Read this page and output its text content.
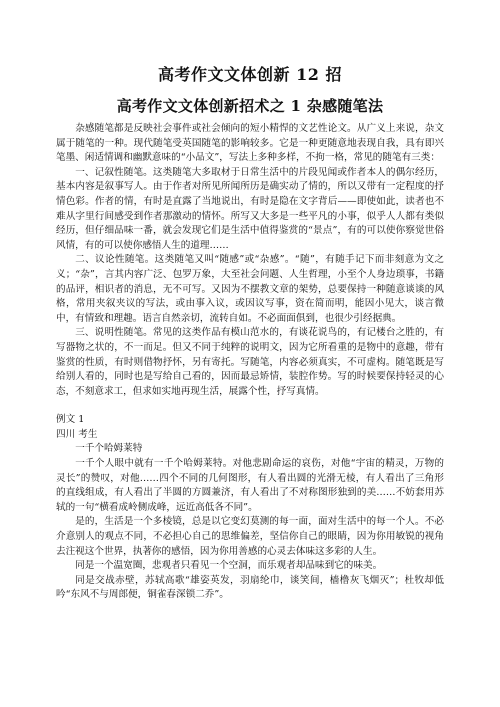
高考作文文体创新 12 招
高考作文文体创新招术之 1 杂感随笔法

杂感随笔都是反映社会事件或社会倾向的短小精悍的文艺性论文。从广义上来说，杂文属于随笔的一种。现代随笔受英国随笔的影响较多。它是一种更随意地表现自我，具有即兴笔墨、闲适情调和幽默意味的“小品文”，写法上多种多样，不拘一格，常见的随笔有三类：

一、记叙性随笔。这类随笔大多取材于日常生活中的片段见闻或作者本人的偶尔经历，基本内容是叙事写人。由于作者对所见所闻所历是确实动了情的，所以又带有一定程度的抒情色彩。作者的情，有时是直露了当地说出，有时是隐在文字背后——即使如此，读者也不难从字里行间感受到作者那激动的情怀。所写又大多是一些平凡的小事，似乎人人都有类似经历，但仔细品味一番，就会发现它们是生活中值得鉴赏的“景点”，有的可以使你察觉世俗风情，有的可以使你感悟人生的道理……

二、议论性随笔。这类随笔又叫“随感”或“杂感”。“随”，有随手记下而非刻意为文之义；“杂”，言其内容广泛、包罗万象，大至社会问题、人生哲理，小至个人身边琐事，书籍的品评，相识者的消息，无不可写。又因为不摆教文章的架势，总要保持一种随意谈谈的风格，常用夹叙夹议的写法，或由事入议，或因议写事，资在简而明，能因小见大，谈言微中，有情致和理趣。语言自然亲切，流转自如。不必面面俱到，也很少引经据典。

三、说明性随笔。常见的这类作品有模山范水的，有谈花说鸟的，有记楼台之胜的，有写器物之状的，不一而足。但又不同于纯粹的说明文，因为它所看重的是物中的意趣，带有鉴赏的性质，有时则借物抒怀，另有寄托。写随笔，内容必须真实，不可虚构。随笔既是写给别人看的，同时也是写给自己看的，因而最忌矫情，装腔作势。写的时候要保持轻灵的心态，不刻意求工，但求如实地再现生活，展露个性，抒写真情。

例文 1

四川 考生

一千个哈姆莱特

一千个人眼中就有一千个哈姆莱特。对他悲剧命运的哀伤，对他“宇宙的精灵，万物的灵长”的赞叹，对他……四个不同的几何图形，有人看出圆的光滑无棱，有人看出了三角形的直线组成，有人看出了半圆的方圆兼济，有人看出了不对称图形独到的美……不妨套用苏轼的一句“横看成岭侧成峰，远近高低各不同”。

是的，生活是一个多棱镜，总是以它变幻莫测的每一面，面对生活中的每一个人。不必介意别人的观点不同，不必担心自己的思维偏差，坚信你自己的眼睛，因为你用敏锐的视角去注视这个世界，执著你的感悟，因为你用善感的心灵去体味这多彩的人生。

同是一个温宽圈，悲观者只看见一个空洞，而乐观者却品味到它的味美。

同是交战赤壁，苏轼高歌“雄姿英发，羽扇纶巾，谈笑间，樯橹灰飞烟灭”；杜牧却低吟“东风不与周郎便，铜雀春深锁二乔”。
